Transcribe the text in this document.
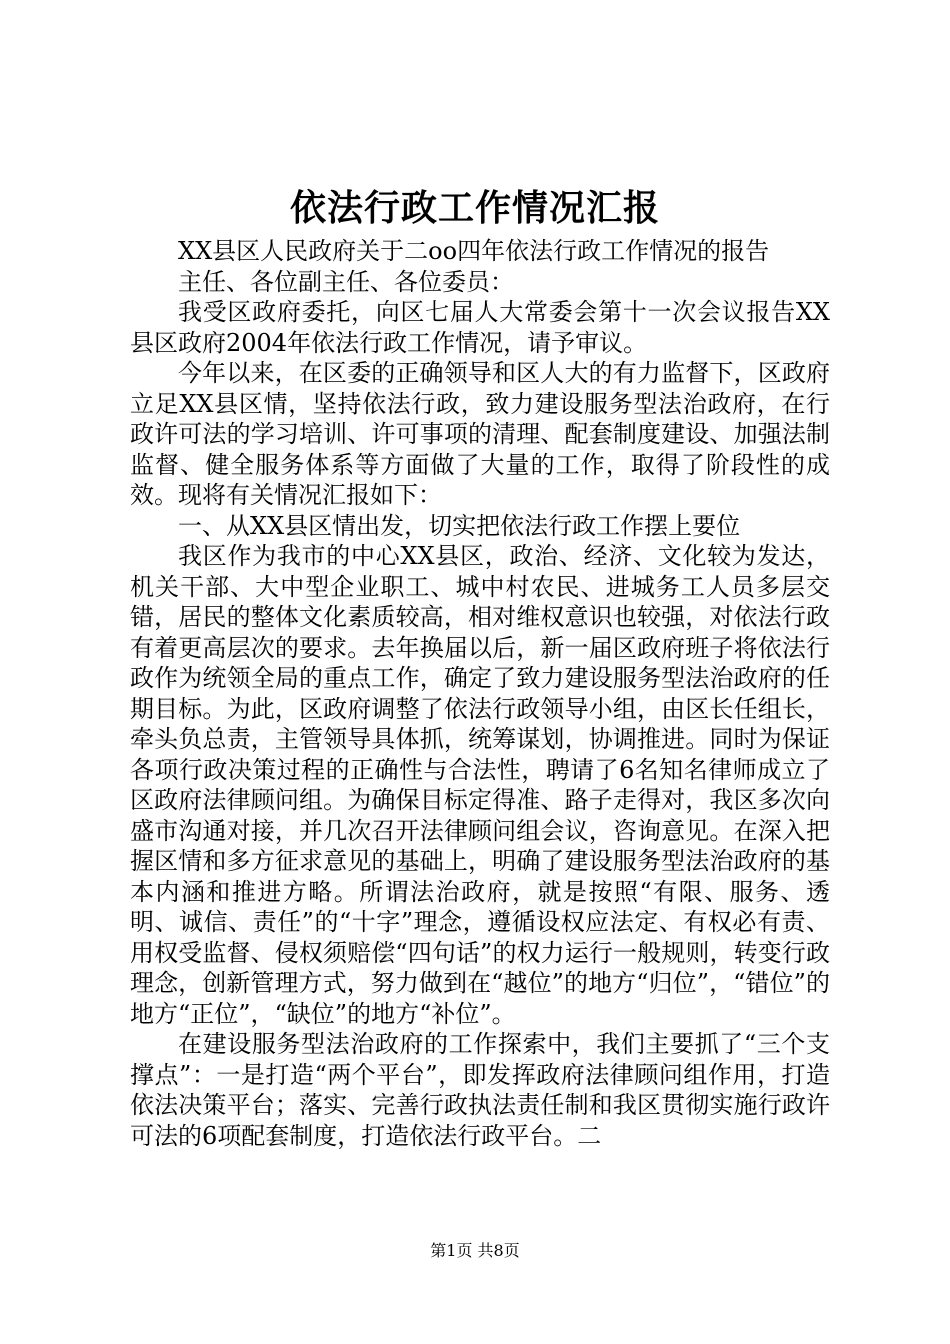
依法行政工作情况汇报

XX县区人民政府关于二oo四年依法行政工作情况的报告

主任、各位副主任、各位委员：

我受区政府委托，向区七届人大常委会第十一次会议报告XX县区政府2004年依法行政工作情况，请予审议。

今年以来，在区委的正确领导和区人大的有力监督下，区政府立足XX县区情，坚持依法行政，致力建设服务型法治政府，在行政许可法的学习培训、许可事项的清理、配套制度建设、加强法制监督、健全服务体系等方面做了大量的工作，取得了阶段性的成效。现将有关情况汇报如下：

一、从XX县区情出发，切实把依法行政工作摆上要位

我区作为我市的中心XX县区，政治、经济、文化较为发达，机关干部、大中型企业职工、城中村农民、进城务工人员多层交错，居民的整体文化素质较高，相对维权意识也较强，对依法行政有着更高层次的要求。去年换届以后，新一届区政府班子将依法行政作为统领全局的重点工作，确定了致力建设服务型法治政府的任期目标。为此，区政府调整了依法行政领导小组，由区长任组长，牵头负总责，主管领导具体抓，统筹谋划，协调推进。同时为保证各项行政决策过程的正确性与合法性，聘请了6名知名律师成立了区政府法律顾问组。为确保目标定得准、路子走得对，我区多次向盛市沟通对接，并几次召开法律顾问组会议，咨询意见。在深入把握区情和多方征求意见的基础上，明确了建设服务型法治政府的基本内涵和推进方略。所谓法治政府，就是按照“有限、服务、透明、诚信、责任”的“十字”理念，遵循设权应法定、有权必有责、用权受监督、侵权须赔偿“四句话”的权力运行一般规则，转变行政理念，创新管理方式，努力做到在“越位”的地方“归位”，“错位”的地方“正位”，“缺位”的地方“补位”。

在建设服务型法治政府的工作探索中，我们主要抓了“三个支撑点”：一是打造“两个平台”，即发挥政府法律顾问组作用，打造依法决策平台；落实、完善行政执法责任制和我区贯彻实施行政许可法的6项配套制度，打造依法行政平台。二

第1页 共8页
